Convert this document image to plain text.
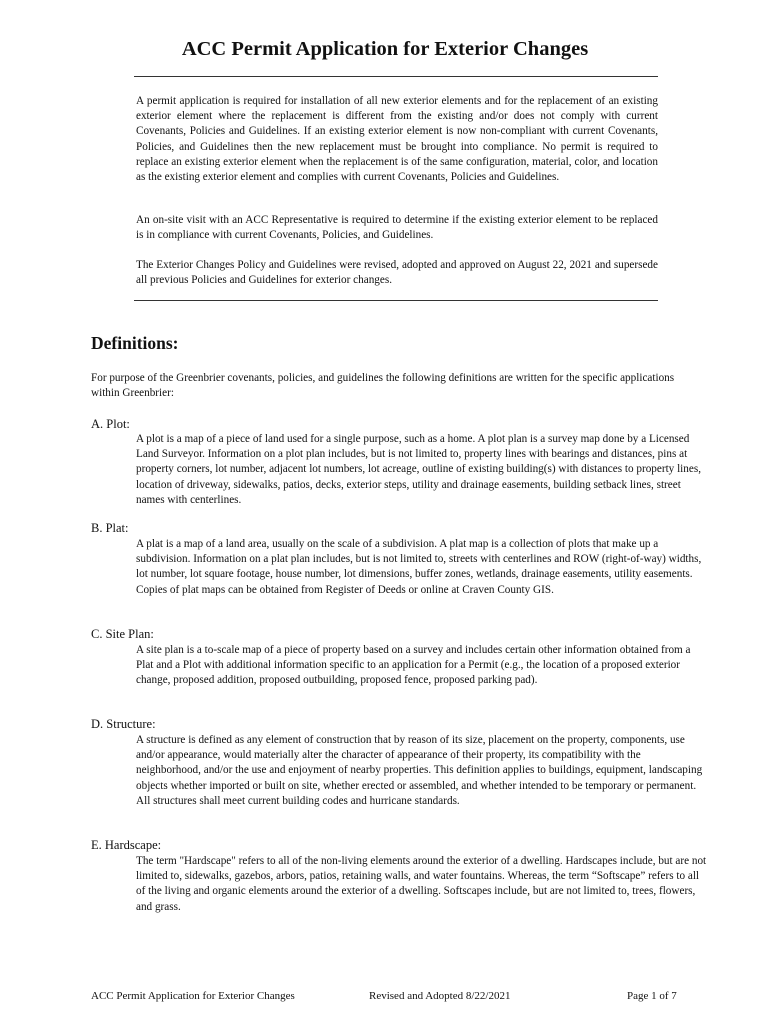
ACC Permit Application for Exterior Changes

A permit application is required for installation of all new exterior elements and for the replacement of an existing exterior element where the replacement is different from the existing and/or does not comply with current Covenants, Policies and Guidelines. If an existing exterior element is now non-compliant with current Covenants, Policies, and Guidelines then the new replacement must be brought into compliance. No permit is required to replace an existing exterior element when the replacement is of the same configuration, material, color, and location as the existing exterior element and complies with current Covenants, Policies and Guidelines.

An on-site visit with an ACC Representative is required to determine if the existing exterior element to be replaced is in compliance with current Covenants, Policies, and Guidelines.

The Exterior Changes Policy and Guidelines were revised, adopted and approved on August 22, 2021 and supersede all previous Policies and Guidelines for exterior changes.

Definitions:

For purpose of the Greenbrier covenants, policies, and guidelines the following definitions are written for the specific applications within Greenbrier:

A. Plot:

A plot is a map of a piece of land used for a single purpose, such as a home. A plot plan is a survey map done by a Licensed Land Surveyor. Information on a plot plan includes, but is not limited to, property lines with bearings and distances, pins at property corners, lot number, adjacent lot numbers, lot acreage, outline of existing building(s) with distances to property lines, location of driveway, sidewalks, patios, decks, exterior steps, utility and drainage easements, building setback lines, street names with centerlines.

B. Plat:

A plat is a map of a land area, usually on the scale of a subdivision. A plat map is a collection of plots that make up a subdivision. Information on a plat plan includes, but is not limited to, streets with centerlines and ROW (right-of-way) widths, lot number, lot square footage, house number, lot dimensions, buffer zones, wetlands, drainage easements, utility easements. Copies of plat maps can be obtained from Register of Deeds or online at Craven County GIS.

C. Site Plan:

A site plan is a to-scale map of a piece of property based on a survey and includes certain other information obtained from a Plat and a Plot with additional information specific to an application for a Permit (e.g., the location of a proposed exterior change, proposed addition, proposed outbuilding, proposed fence, proposed parking pad).

D. Structure:

A structure is defined as any element of construction that by reason of its size, placement on the property, components, use and/or appearance, would materially alter the character of appearance of their property, its compatibility with the neighborhood, and/or the use and enjoyment of nearby properties. This definition applies to buildings, equipment, landscaping objects whether imported or built on site, whether erected or assembled, and whether intended to be temporary or permanent. All structures shall meet current building codes and hurricane standards.

E. Hardscape:

The term "Hardscape" refers to all of the non-living elements around the exterior of a dwelling. Hardscapes include, but are not limited to, sidewalks, gazebos, arbors, patios, retaining walls, and water fountains. Whereas, the term “Softscape” refers to all of the living and organic elements around the exterior of a dwelling. Softscapes include, but are not limited to, trees, flowers, and grass.

ACC Permit Application for Exterior Changes	Revised and Adopted 8/22/2021	Page 1 of 7
